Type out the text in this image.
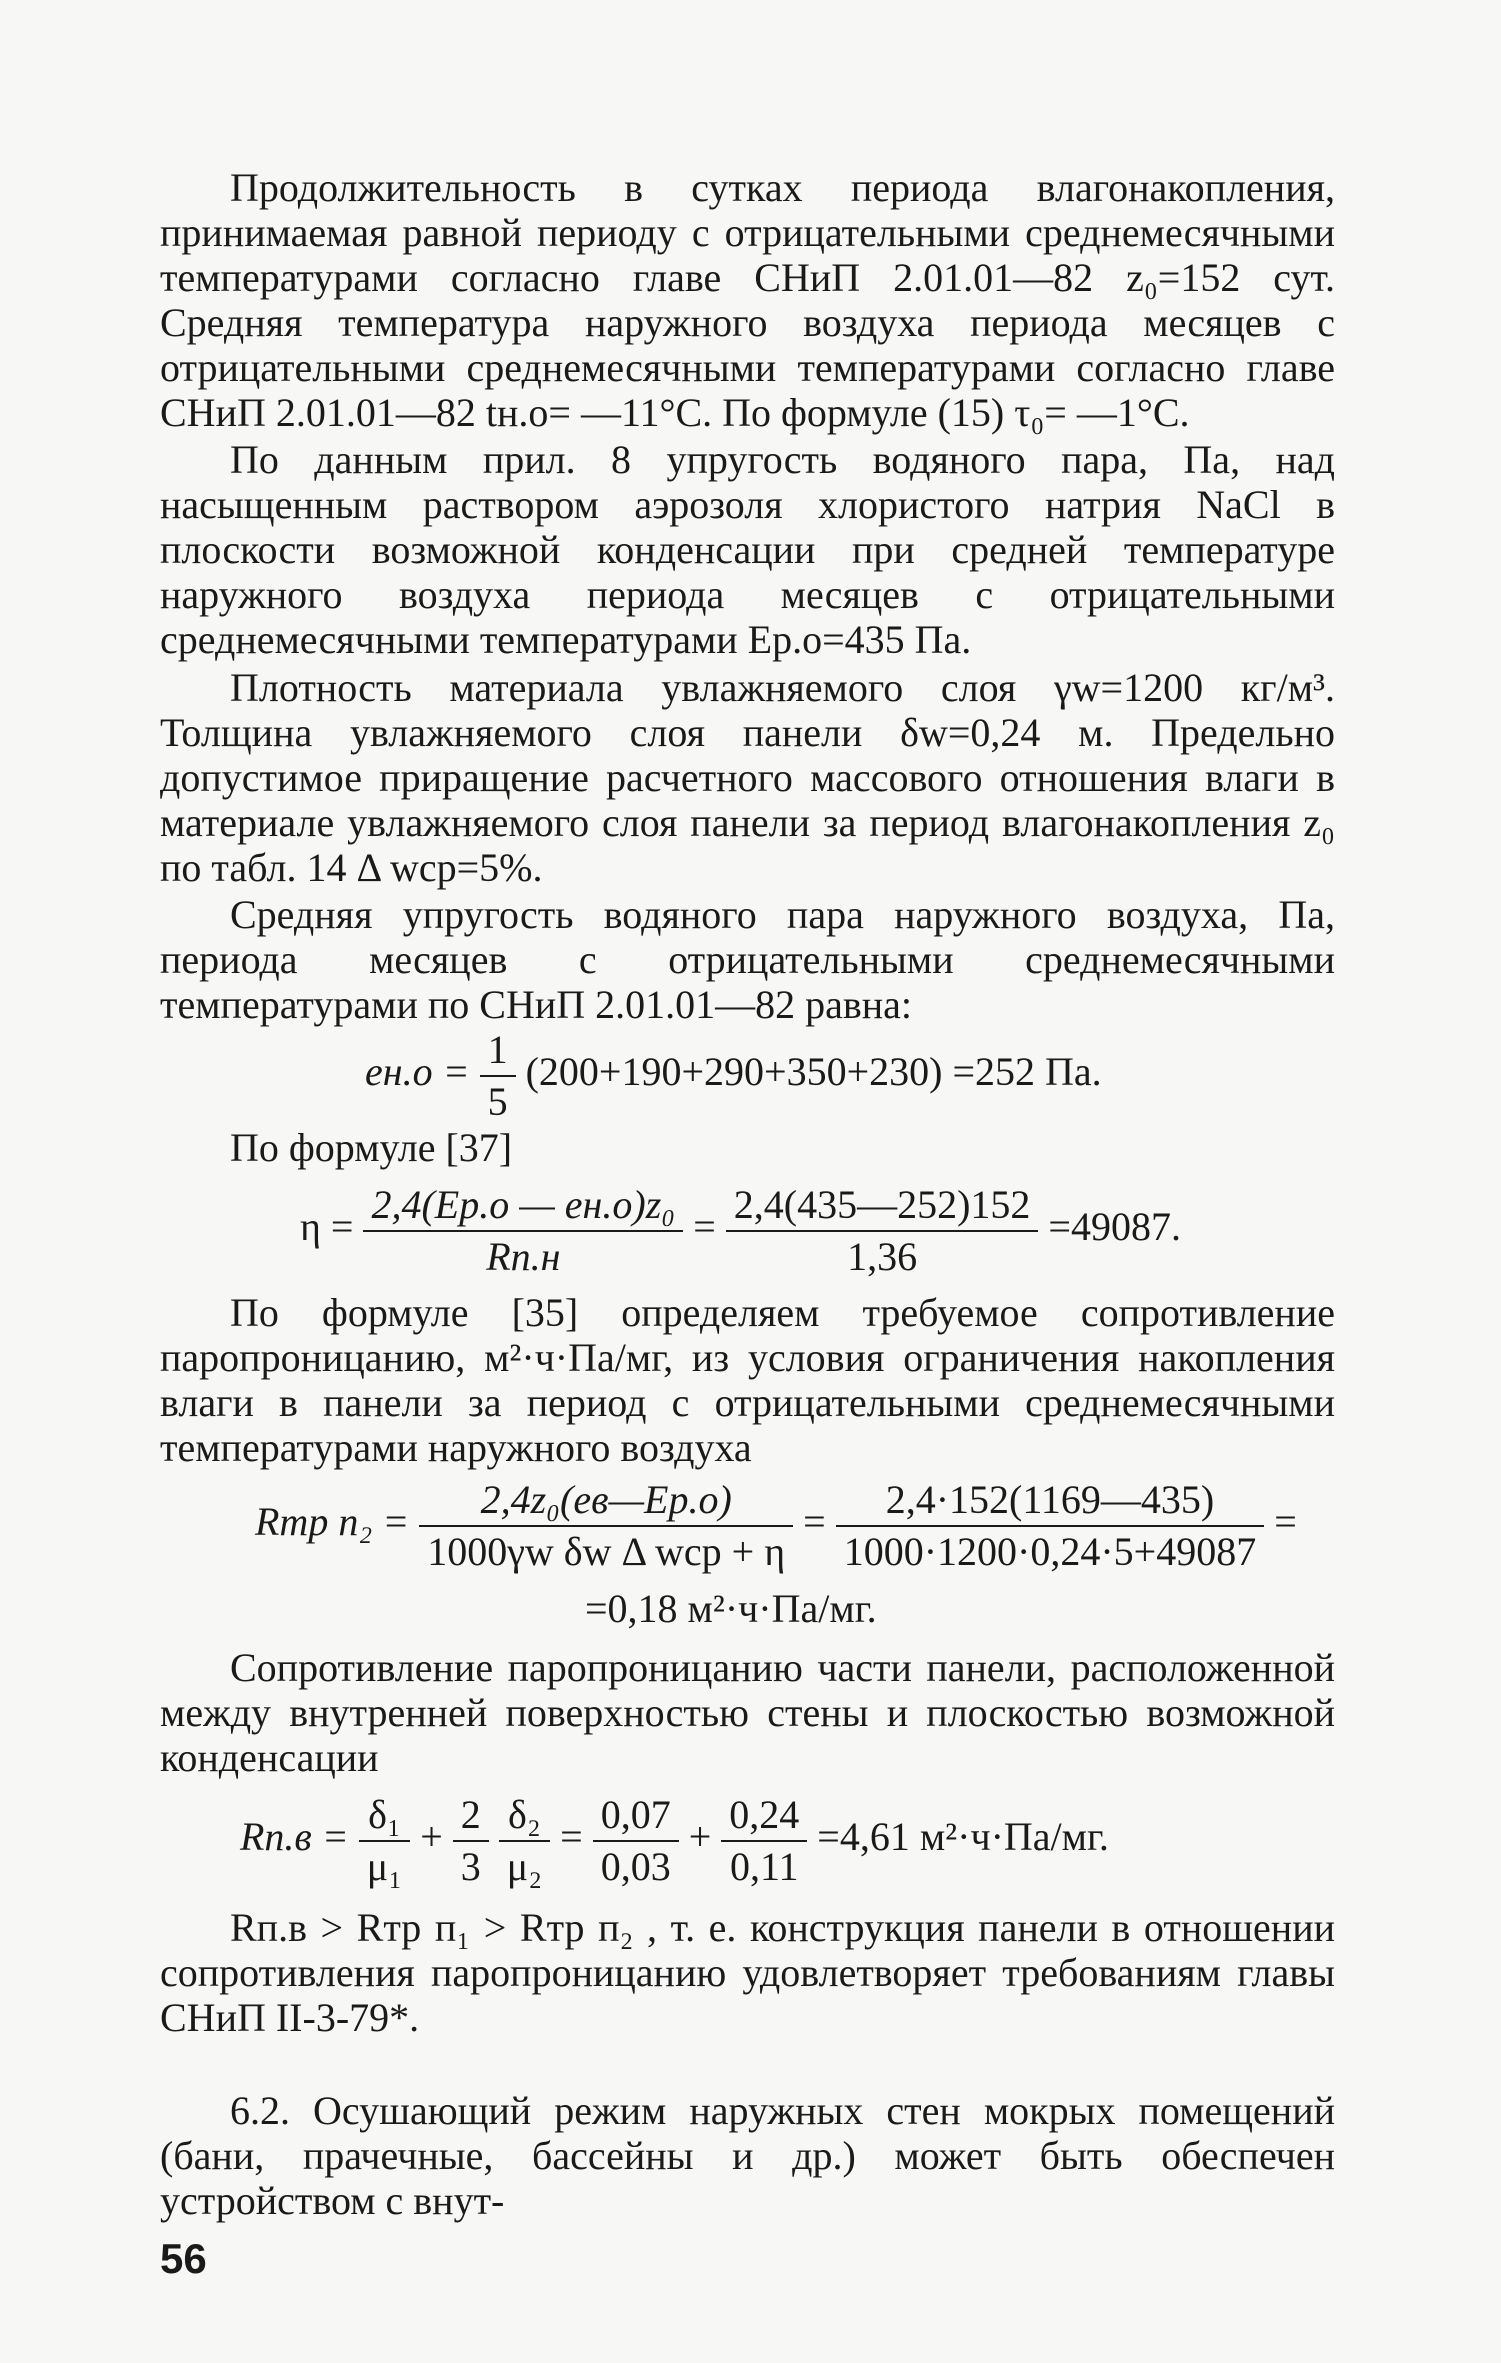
Продолжительность в сутках периода влагонакопления, принимаемая равной периоду с отрицательными среднемесячными температурами согласно главе СНиП 2.01.01—82 z₀=152 сут. Средняя температура наружного воздуха периода месяцев с отрицательными среднемесячными температурами согласно главе СНиП 2.01.01—82 tн.о= —11°С. По формуле (15) τ₀= —1°С.
По данным прил. 8 упругость водяного пара, Па, над насыщенным раствором аэрозоля хлористого натрия NaCl в плоскости возможной конденсации при средней температуре наружного воздуха периода месяцев с отрицательными среднемесячными температурами Eр.о=435 Па.
Плотность материала увлажняемого слоя γw=1200 кг/м³. Толщина увлажняемого слоя панели δw=0,24 м. Предельно допустимое приращение расчетного массового отношения влаги в материале увлажняемого слоя панели за период влагонакопления z₀ по табл. 14 Δ wср=5%.
Средняя упругость водяного пара наружного воздуха, Па, периода месяцев с отрицательными среднемесячными температурами по СНиП 2.01.01—82 равна:
$eн.о = \frac{1}{5} (200+190+290+350+230) =252$ Па.
По формуле [37]
$\eta = \frac{\text{2,4(Eр.о — eн.о)z₀}}{Rп.н} = \frac{2,4(435—252)152}{1,36} =49087$.
По формуле [35] определяем требуемое сопротивление паропроницанию, м²·ч·Па/мг, из условия ограничения накопления влаги в панели за период с отрицательными среднемесячными температурами наружного воздуха
Rтр $п_2 = \frac{\text{2,4z₀(eв—Eр.о)}}{\text{1000γw δw Δ wср + η}} = \frac{2,4\cdot 152(1169—435)}{1000\cdot 1200\cdot 0,24\cdot 5+49087}$ =
=0,18 м²·ч·Па/мг.
Сопротивление паропроницанию части панели, расположенной между внутренней поверхностью стены и плоскостью возможной конденсации
$Rп.в = \frac{\text{δ₁}}{\text{μ₁}} + \frac{2}{3}$
$\frac{\text{δ₂}}{\text{μ₂}} = \frac{0,07}{0,03} + \frac{0,24}{0,11} =4,61$ м²·ч·Па/мг.
Rп.в > Rтр п₁ > Rтр п₂ , т. е. конструкция панели в отношении сопротивления паропроницанию удовлетворяет требованиям главы СНиП II-3-79*.
6.2. Осушающий режим наружных стен мокрых помещений (бани, прачечные, бассейны и др.) может быть обеспечен устройством с внут-
56
